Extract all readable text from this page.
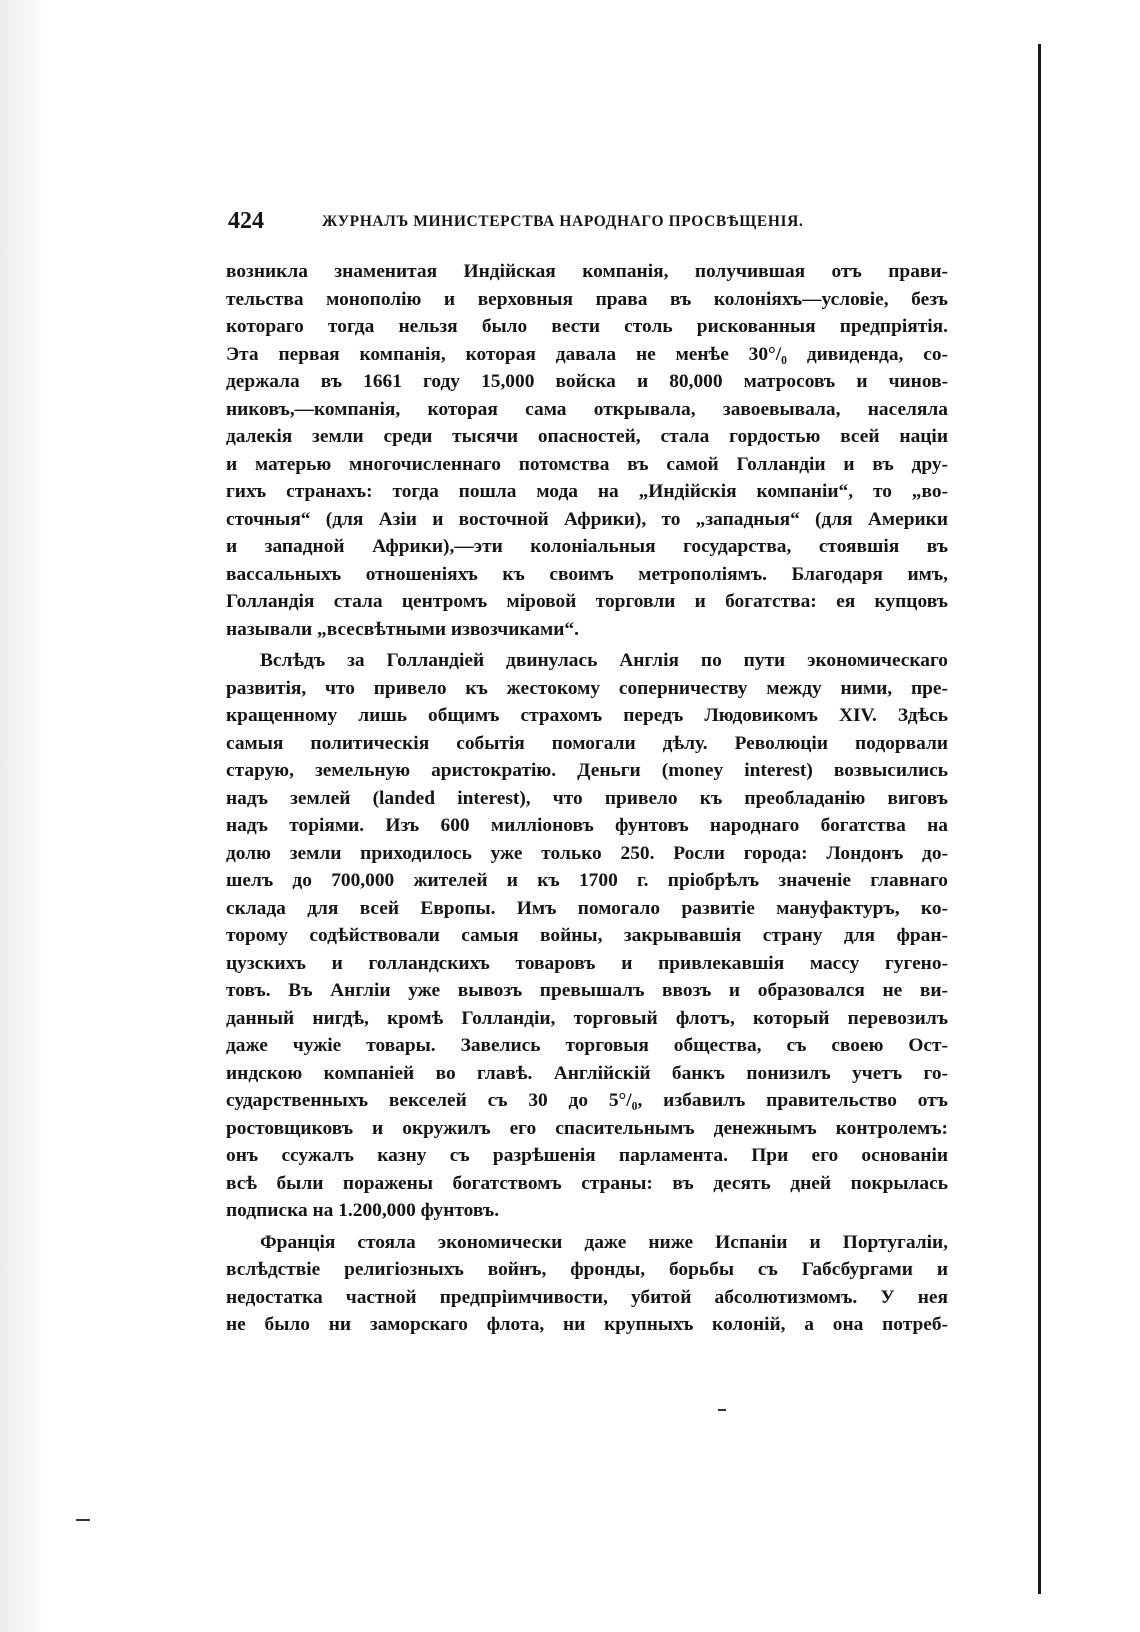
424	ЖУРНАЛЪ МИНИСТЕРСТВА НАРОДНАГО ПРОСВѢЩЕНІЯ.
возникла знаменитая Индійская компанія, получившая отъ прави-
тельства монополію и верховныя права въ колоніяхъ—условіе, безъ
котораго тогда нельзя было вести столь рискованныя предпріятія.
Эта первая компанія, которая давала не менѣе 30°/₀ дивиденда, со-
держала въ 1661 году 15,000 войска и 80,000 матросовъ и чинов-
никовъ,—компанія, которая сама открывала, завоевывала, населяла
далекія земли среди тысячи опасностей, стала гордостью всей націи
и матерью многочисленнаго потомства въ самой Голландіи и въ дру-
гихъ странахъ: тогда пошла мода на „Индійскія компаніи“, то „во-
сточныя“ (для Азіи и восточной Африки), то „западныя“ (для Америки
и западной Африки),—эти колоніальныя государства, стоявшія въ
вассальныхъ отношеніяхъ къ своимъ метрополіямъ. Благодаря имъ,
Голландія стала центромъ міровой торговли и богатства: ея купцовъ
называли „всесвѣтными извозчиками“.
Вслѣдъ за Голландіей двинулась Англія по пути экономическаго
развитія, что привело къ жестокому соперничеству между ними, пре-
кращенному лишь общимъ страхомъ передъ Людовикомъ XIV. Здѣсь
самыя политическія событія помогали дѣлу. Революціи подорвали
старую, земельную аристократію. Деньги (money interest) возвысились
надъ землей (landed interest), что привело къ преобладанію виговъ
надъ торіями. Изъ 600 милліоновъ фунтовъ народнаго богатства на
долю земли приходилось уже только 250. Росли города: Лондонъ до-
шелъ до 700,000 жителей и къ 1700 г. пріобрѣлъ значеніе главнаго
склада для всей Европы. Имъ помогало развитіе мануфактуръ, ко-
торому содѣйствовали самыя войны, закрывавшія страну для фран-
цузскихъ и голландскихъ товаровъ и привлекавшія массу гугено-
товъ. Въ Англіи уже вывозъ превышалъ ввозъ и образовался не ви-
данный нигдѣ, кромѣ Голландіи, торговый флотъ, который перевозилъ
даже чужіе товары. Завелись торговыя общества, съ своею Ост-
индскою компаніей во главѣ. Англійскій банкъ понизилъ учетъ го-
сударственныхъ векселей съ 30 до 5°/₀, избавилъ правительство отъ
ростовщиковъ и окружилъ его спасительнымъ денежнымъ контролемъ:
онъ ссужалъ казну съ разрѣшенія парламента. При его основаніи
всѣ были поражены богатствомъ страны: въ десять дней покрылась
подписка на 1.200,000 фунтовъ.
Франція стояла экономически даже ниже Испаніи и Португаліи,
вслѣдствіе религіозныхъ войнъ, фронды, борьбы съ Габсбургами и
недостатка частной предпріимчивости, убитой абсолютизмомъ. У нея
не было ни заморскаго флота, ни крупныхъ колоній, а она потреб-
